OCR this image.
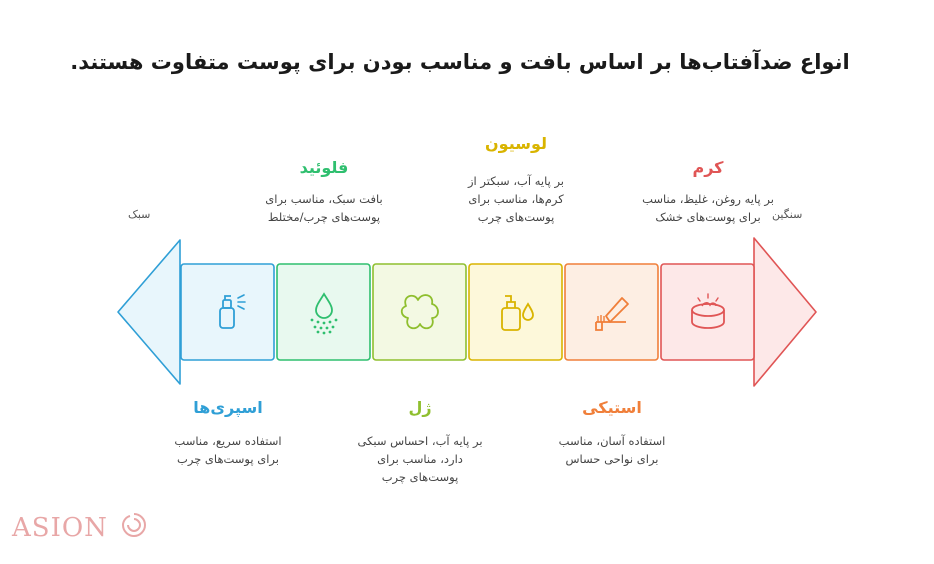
انواع ضدآفتاب‌ها بر اساس بافت و مناسب بودن برای پوست متفاوت هستند.
سبک	سنگین
اسپری‌ها
استفاده سریع، مناسب
برای پوست‌های چرب
فلوئید
بافت سبک، مناسب برای
پوست‌های چرب/مختلط
ژل
بر پایه آب، احساس سبکی
دارد، مناسب برای
پوست‌های چرب
لوسیون
بر پایه آب، سبکتر از
کرم‌ها، مناسب برای
پوست‌های چرب
استیکی
استفاده آسان، مناسب
برای نواحی حساس
کرم
بر پایه روغن، غلیظ، مناسب
برای پوست‌های خشک
ASION
